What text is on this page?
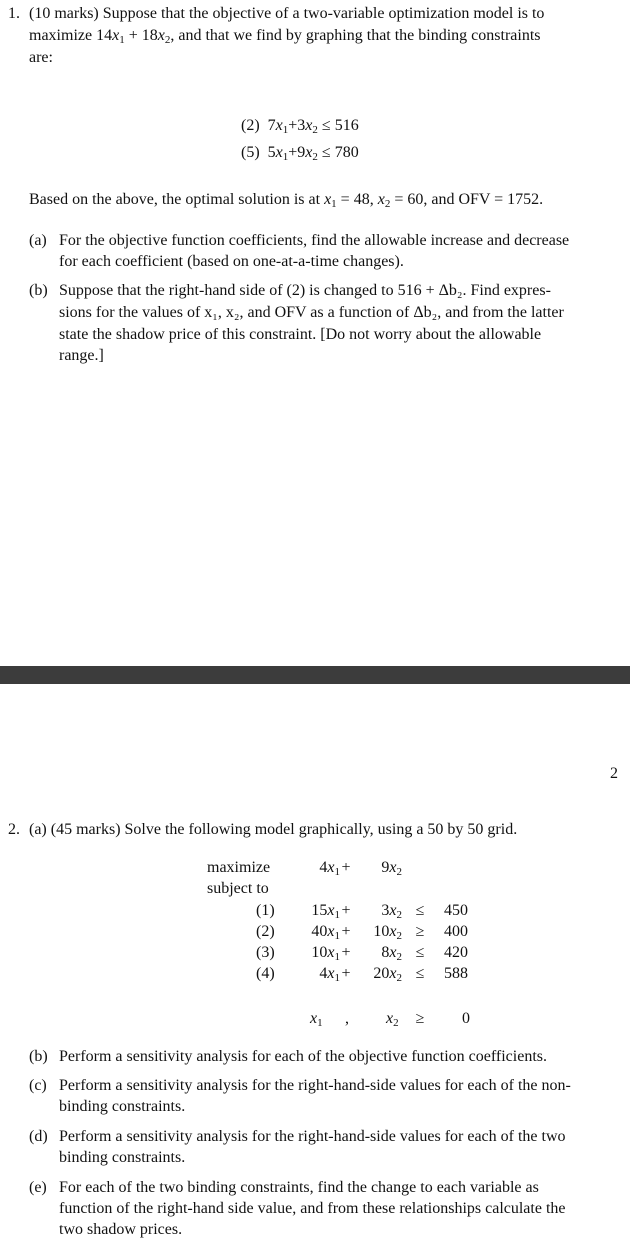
1. (10 marks) Suppose that the objective of a two-variable optimization model is to
maximize $14x_1 + 18x_2$, and that we find by graphing that the binding constraints
are:
(2) $7x_1+3x_2 \le 516$
(5) $5x_1+9x_2 \le 780$
Based on the above, the optimal solution is at $x_1 = 48$, $x_2 = 60$, and OFV = 1752.
(a) For the objective function coefficients, find the allowable increase and decrease
for each coefficient (based on one-at-a-time changes).
(b) Suppose that the right-hand side of (2) is changed to 516 + Δb₂. Find expres-
sions for the values of x₁, x₂, and OFV as a function of Δb₂, and from the latter
state the shadow price of this constraint. [Do not worry about the allowable
range.]
2
2. (a) (45 marks) Solve the following model graphically, using a 50 by 50 grid.
maximize
subject to
$4x_1$ +	$9x_2$
(1)	$15x_1$ +	$3x_2$ ≤	450
(2)	$40x_1$ +	$10x_2$ ≥	400
(3)	$10x_1$ +	$8x_2$ ≤	420
(4)	$4x_1$ +	$20x_2$ ≤	588
$x_1$ , $x_2$	≥	0
(b) Perform a sensitivity analysis for each of the objective function coefficients.
(c) Perform a sensitivity analysis for the right-hand-side values for each of the non-
binding constraints.
(d) Perform a sensitivity analysis for the right-hand-side values for each of the two
binding constraints.
(e) For each of the two binding constraints, find the change to each variable as
function of the right-hand side value, and from these relationships calculate the
two shadow prices.
